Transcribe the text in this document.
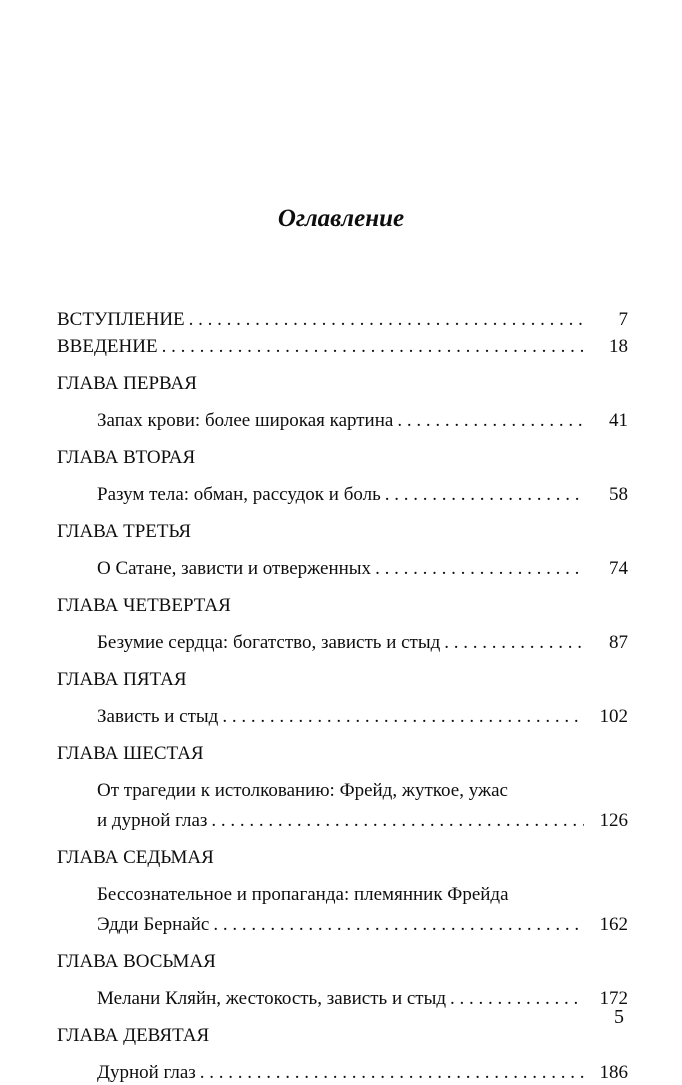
Оглавление
ВСТУПЛЕНИЕ . . .	7
ВВЕДЕНИЕ . . .	18
ГЛАВА ПЕРВАЯ
Запах крови: более широкая картина . . .	41
ГЛАВА ВТОРАЯ
Разум тела: обман, рассудок и боль . . .	58
ГЛАВА ТРЕТЬЯ
О Сатане, зависти и отверженных . . .	74
ГЛАВА ЧЕТВЕРТАЯ
Безумие сердца: богатство, зависть и стыд . . .	87
ГЛАВА ПЯТАЯ
Зависть и стыд . . .	102
ГЛАВА ШЕСТАЯ
От трагедии к истолкованию: Фрейд, жуткое, ужас
и дурной глаз . . .	126
ГЛАВА СЕДЬМАЯ
Бессознательное и пропаганда: племянник Фрейда
Эдди Бернайс . . .	162
ГЛАВА ВОСЬМАЯ
Мелани Кляйн, жестокость, зависть и стыд . . .	172
ГЛАВА ДЕВЯТАЯ
Дурной глаз . . .	186
5
